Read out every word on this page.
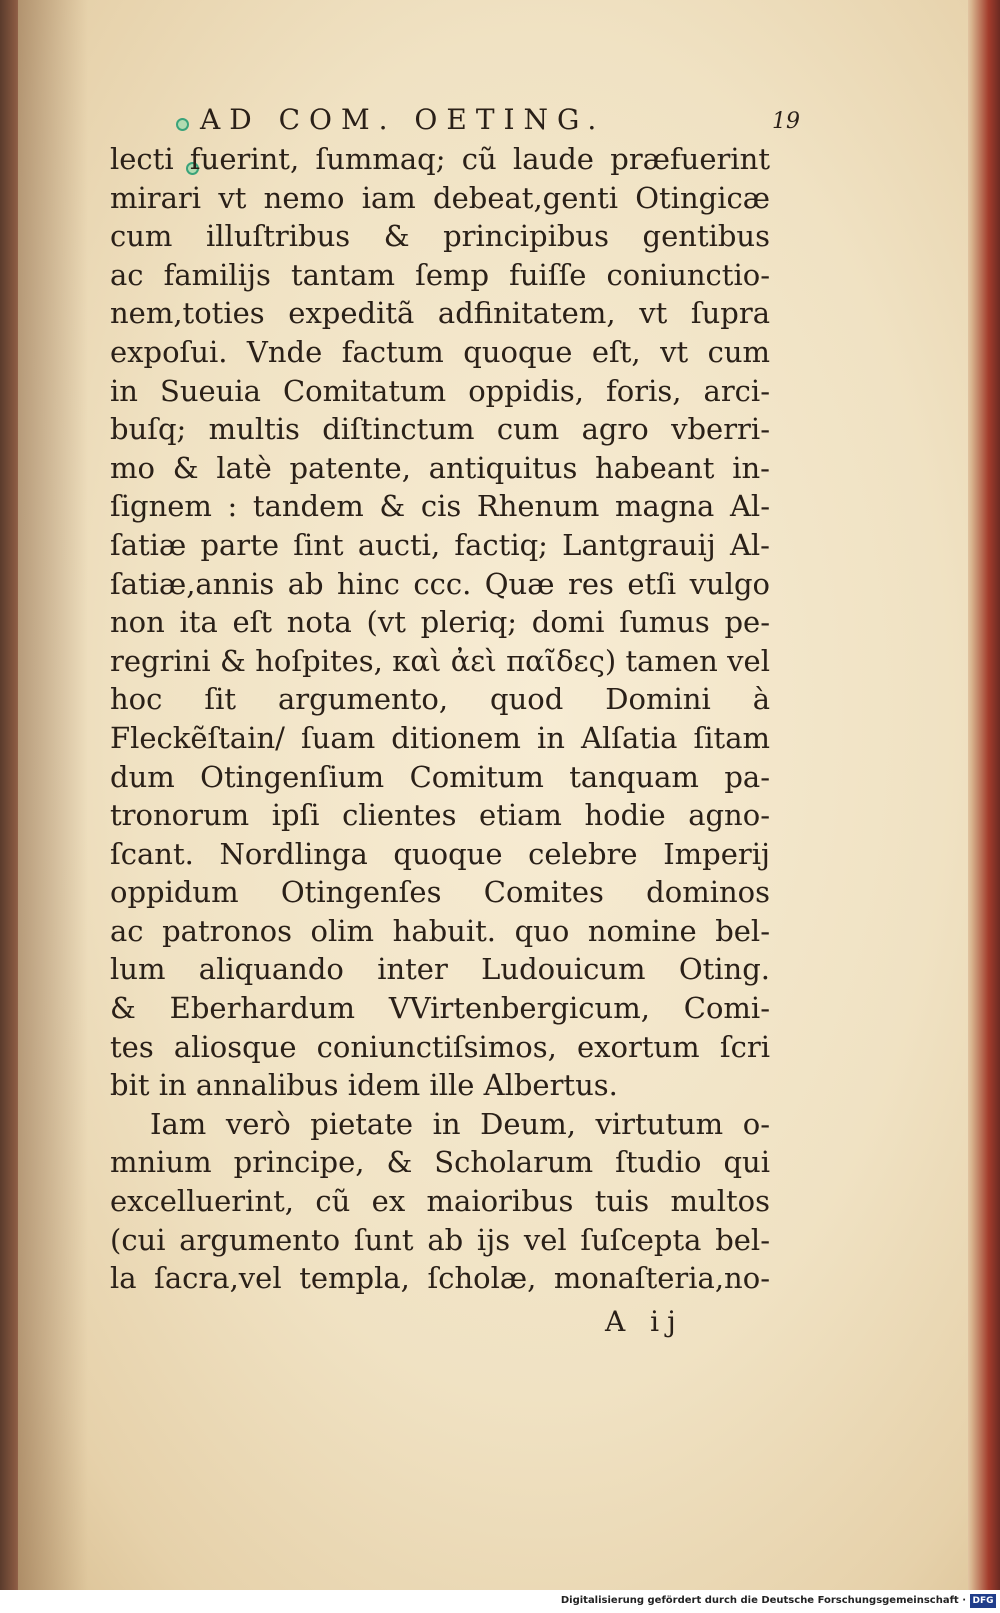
AD COM. OETING.	19
lecti fuerint, ſummaq; cũ laude præfuerint
mirari vt nemo iam debeat,genti Otingicæ
cum illuſtribus & principibus gentibus
ac familijs tantam ſemp fuiſſe coniunctio-
nem,toties expeditã adfinitatem, vt ſupra
expoſui. Vnde factum quoque eſt, vt cum
in Sueuia Comitatum oppidis, foris, arci-
buſq; multis diſtinctum cum agro vberri-
mo & latè patente, antiquitus habeant in-
ſignem : tandem & cis Rhenum magna Al-
ſatiæ parte ſint aucti, factiq; Lantgrauij Al-
ſatiæ,annis ab hinc ccc. Quæ res etſi vulgo
non ita eſt nota (vt pleriq; domi ſumus pe-
regrini & hoſpites, καὶ ἀεὶ παῖδες) tamen vel
hoc ſit argumento, quod Domini à Fleckẽſtain/ ſuam ditionem in Alſatia ſitam
dum Otingenſium Comitum tanquam pa-
tronorum ipſi clientes etiam hodie agno-
ſcant. Nordlinga quoque celebre Imperij
oppidum Otingenſes Comites dominos
ac patronos olim habuit. quo nomine bel-
lum aliquando inter Ludouicum Oting.
& Eberhardum VVirtenbergicum, Comi-
tes aliosque coniunctiſsimos, exortum ſcri
bit in annalibus idem ille Albertus.
Iam verò pietate in Deum, virtutum o-
mnium principe, & Scholarum ſtudio qui
excelluerint, cũ ex maioribus tuis multos
(cui argumento ſunt ab ijs vel ſuſcepta bel-
la ſacra,vel templa, ſcholæ, monaſteria,no-
A ij
Digitalisierung gefördert durch die Deutsche Forschungsgemeinschaft · DFG
